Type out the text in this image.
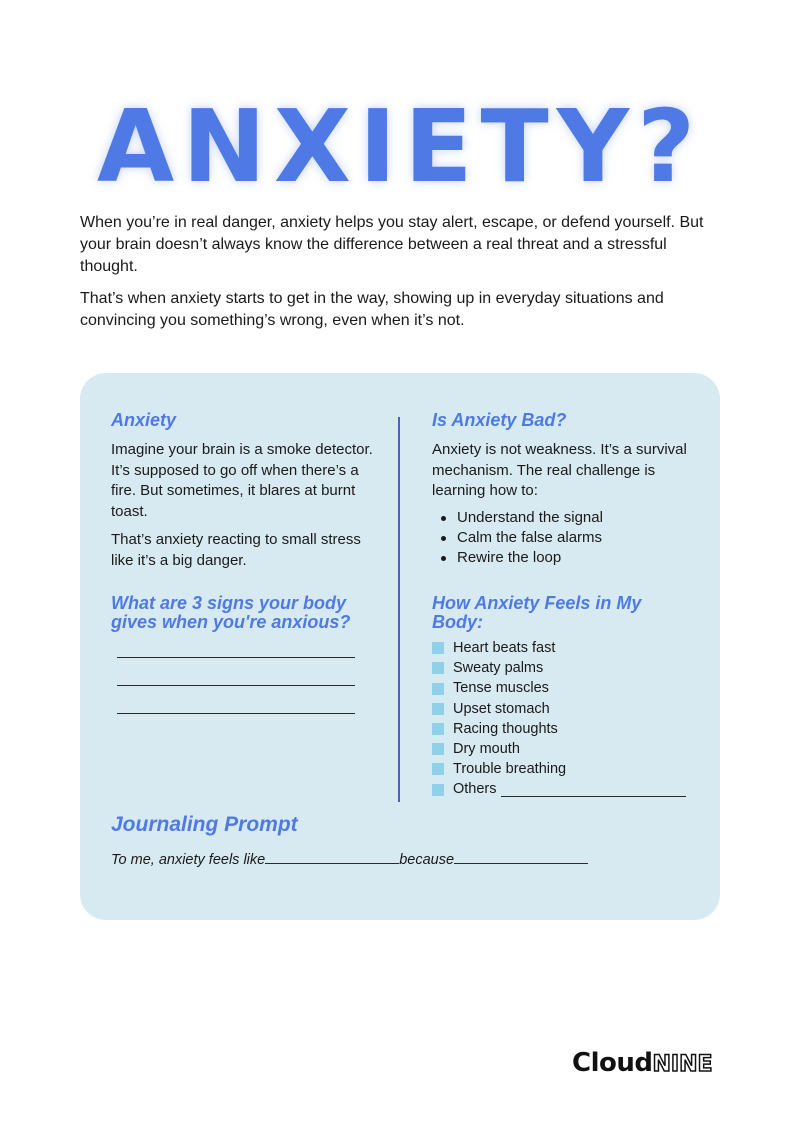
ANXIETY?

When you’re in real danger, anxiety helps you stay alert, escape, or defend yourself. But your brain doesn’t always know the difference between a real threat and a stressful thought.

That’s when anxiety starts to get in the way, showing up in everyday situations and convincing you something’s wrong, even when it’s not.

Anxiety

Imagine your brain is a smoke detector. It’s supposed to go off when there’s a fire. But sometimes, it blares at burnt toast.

That’s anxiety reacting to small stress like it’s a big danger.

What are 3 signs your body gives when you're anxious?
Is Anxiety Bad?

Anxiety is not weakness. It’s a survival mechanism. The real challenge is learning how to:

Understand the signal
Calm the false alarms
Rewire the loop
How Anxiety Feels in My Body:
Heart beats fast
Sweaty palms
Tense muscles
Upset stomach
Racing thoughts
Dry mouth
Trouble breathing
Others
Journaling Prompt
To me, anxiety feels like	because
CloudNINE
